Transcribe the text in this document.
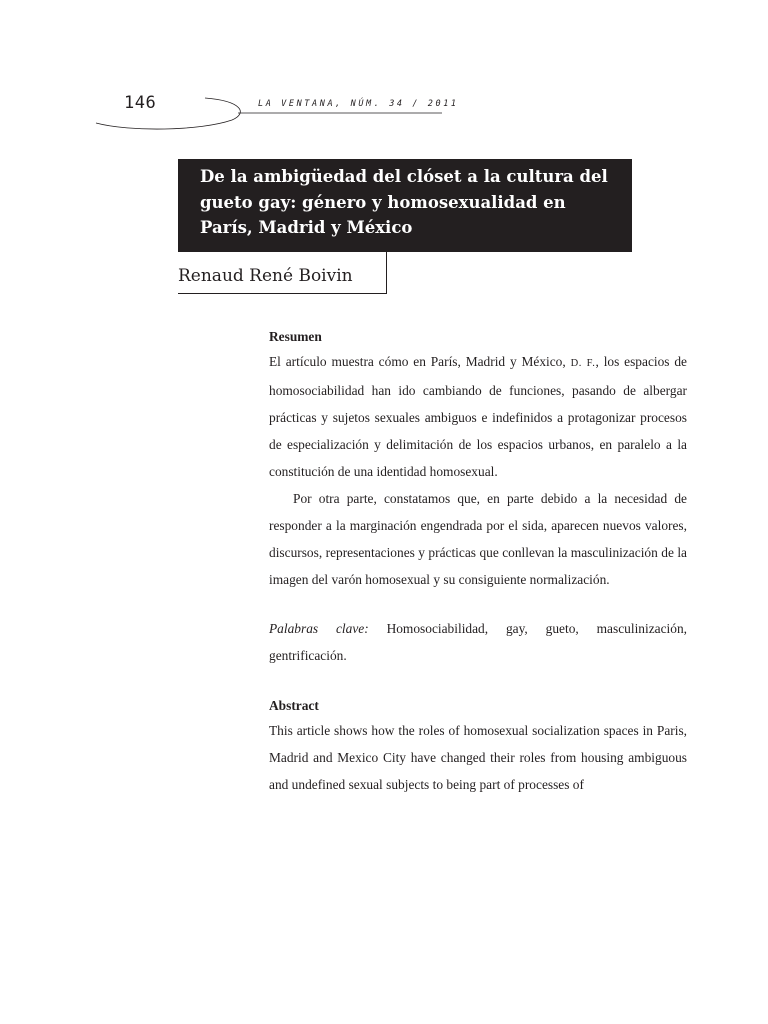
146	LA VENTANA, NÚM. 34 / 2011
De la ambigüedad del clóset a la cultura del gueto gay: género y homosexualidad en París, Madrid y México
Renaud René Boivin

Resumen

El artículo muestra cómo en París, Madrid y México, D. F., los espacios de homosociabilidad han ido cambiando de funciones, pasando de albergar prácticas y sujetos sexuales ambiguos e indefinidos a protagonizar procesos de especialización y delimitación de los espacios urbanos, en paralelo a la constitución de una identidad homosexual.

Por otra parte, constatamos que, en parte debido a la necesidad de responder a la marginación engendrada por el sida, aparecen nuevos valores, discursos, representaciones y prácticas que conllevan la masculinización de la imagen del varón homosexual y su consiguiente normalización.

Palabras clave: Homosociabilidad, gay, gueto, masculinización, gentrificación.

Abstract

This article shows how the roles of homosexual socialization spaces in Paris, Madrid and Mexico City have changed their roles from housing ambiguous and undefined sexual subjects to being part of processes of
